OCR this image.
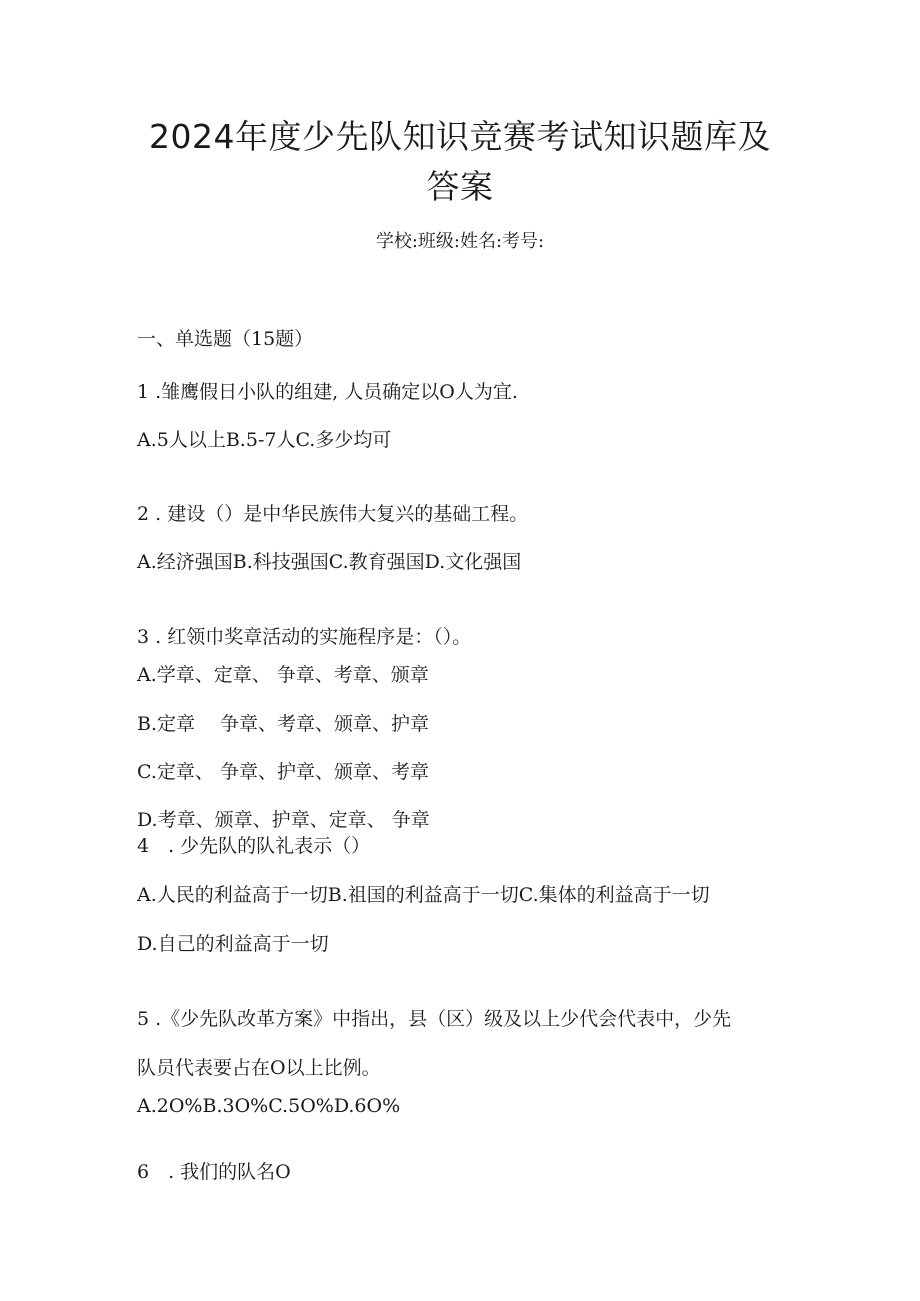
2024年度少先队知识竞赛考试知识题库及
答案
学校:班级:姓名:考号:
一、单选题（15题）
1 .雏鹰假日小队的组建, 人员确定以O人为宜.
A.5人以上B.5-7人C.多少均可
2 . 建设（）是中华民族伟大复兴的基础工程。
A.经济强国B.科技强国C.教育强国D.文化强国
3 . 红领巾奖章活动的实施程序是：（）。
A.学章、定章、 争章、考章、颁章
B.定章　 争章、考章、颁章、护章
C.定章、 争章、护章、颁章、考章
D.考章、颁章、护章、定章、 争章
4　. 少先队的队礼表示（）
A.人民的利益高于一切B.祖国的利益高于一切C.集体的利益高于一切
D.自己的利益高于一切
5 .《少先队改革方案》中指出，县（区）级及以上少代会代表中，少先
队员代表要占在O以上比例。
A.2O%B.3O%C.5O%D.6O%
6　. 我们的队名O
